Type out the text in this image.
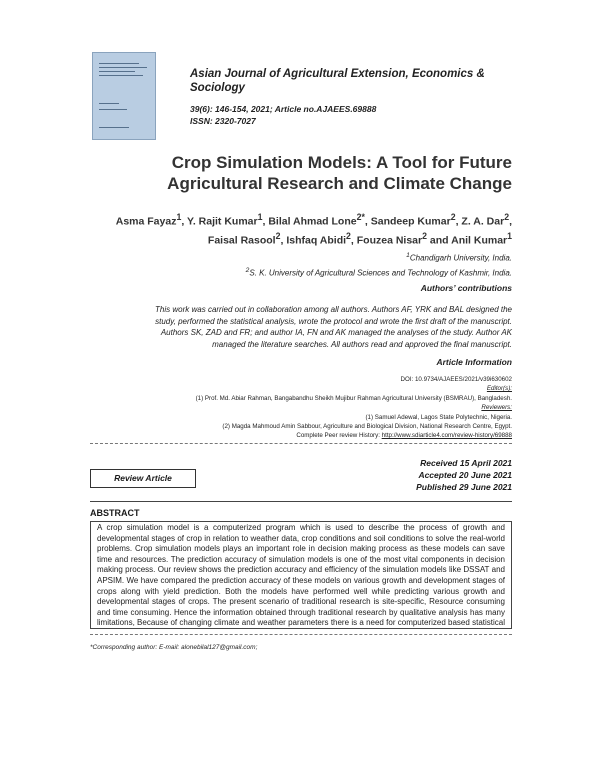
Asian Journal of Agricultural Extension, Economics & Sociology
39(6): 146-154, 2021; Article no.AJAEES.69888
ISSN: 2320-7027
Crop Simulation Models: A Tool for Future
Agricultural Research and Climate Change
Asma Fayaz$^1$, Y. Rajit Kumar$^1$, Bilal Ahmad Lone$^{2*}$, Sandeep Kumar$^2$, Z. A. Dar$^2$,
Faisal Rasool$^2$, Ishfaq Abidi$^2$, Fouzea Nisar$^2$ and Anil Kumar$^1$
$^1$Chandigarh University, India.
$^2$S. K. University of Agricultural Sciences and Technology of Kashmir, India.
Authors’ contributions
This work was carried out in collaboration among all authors. Authors AF, YRK and BAL designed the
study, performed the statistical analysis, wrote the protocol and wrote the first draft of the manuscript.
Authors SK, ZAD and FR; and author IA, FN and AK managed the analyses of the study. Author AK
managed the literature searches. All authors read and approved the final manuscript.
Article Information
DOI: 10.9734/AJAEES/2021/v39i630602
Editor(s):
(1) Prof. Md. Abiar Rahman, Bangabandhu Sheikh Mujibur Rahman Agricultural University (BSMRAU), Bangladesh.
Reviewers:
(1) Samuel Adewal, Lagos State Polytechnic, Nigeria.
(2) Magda Mahmoud Amin Sabbour, Agriculture and Biological Division, National Research Centre, Egypt.
Complete Peer review History: http://www.sdiarticle4.com/review-history/69888
Review Article
Received 15 April 2021
Accepted 20 June 2021
Published 29 June 2021
ABSTRACT
A crop simulation model is a computerized program which is used to describe the process of growth and developmental stages of crop in relation to weather data, crop conditions and soil conditions to solve the real-world problems. Crop simulation models plays an important role in decision making process as these models can save time and resources. The prediction accuracy of simulation models is one of the most vital components in decision making process. Our review shows the prediction accuracy and efficiency of the simulation models like DSSAT and APSIM. We have compared the prediction accuracy of these models on various growth and development stages of crops along with yield prediction. Both the models have performed well while predicting various growth and developmental stages of crops. The present scenario of traditional research is site-specific, Resource consuming and time consuming. Hence the information obtained through traditional research by qualitative analysis has many limitations, Because of changing climate and weather parameters there is a need for computerized based statistical
*Corresponding author: E-mail: alonebilal127@gmail.com;
